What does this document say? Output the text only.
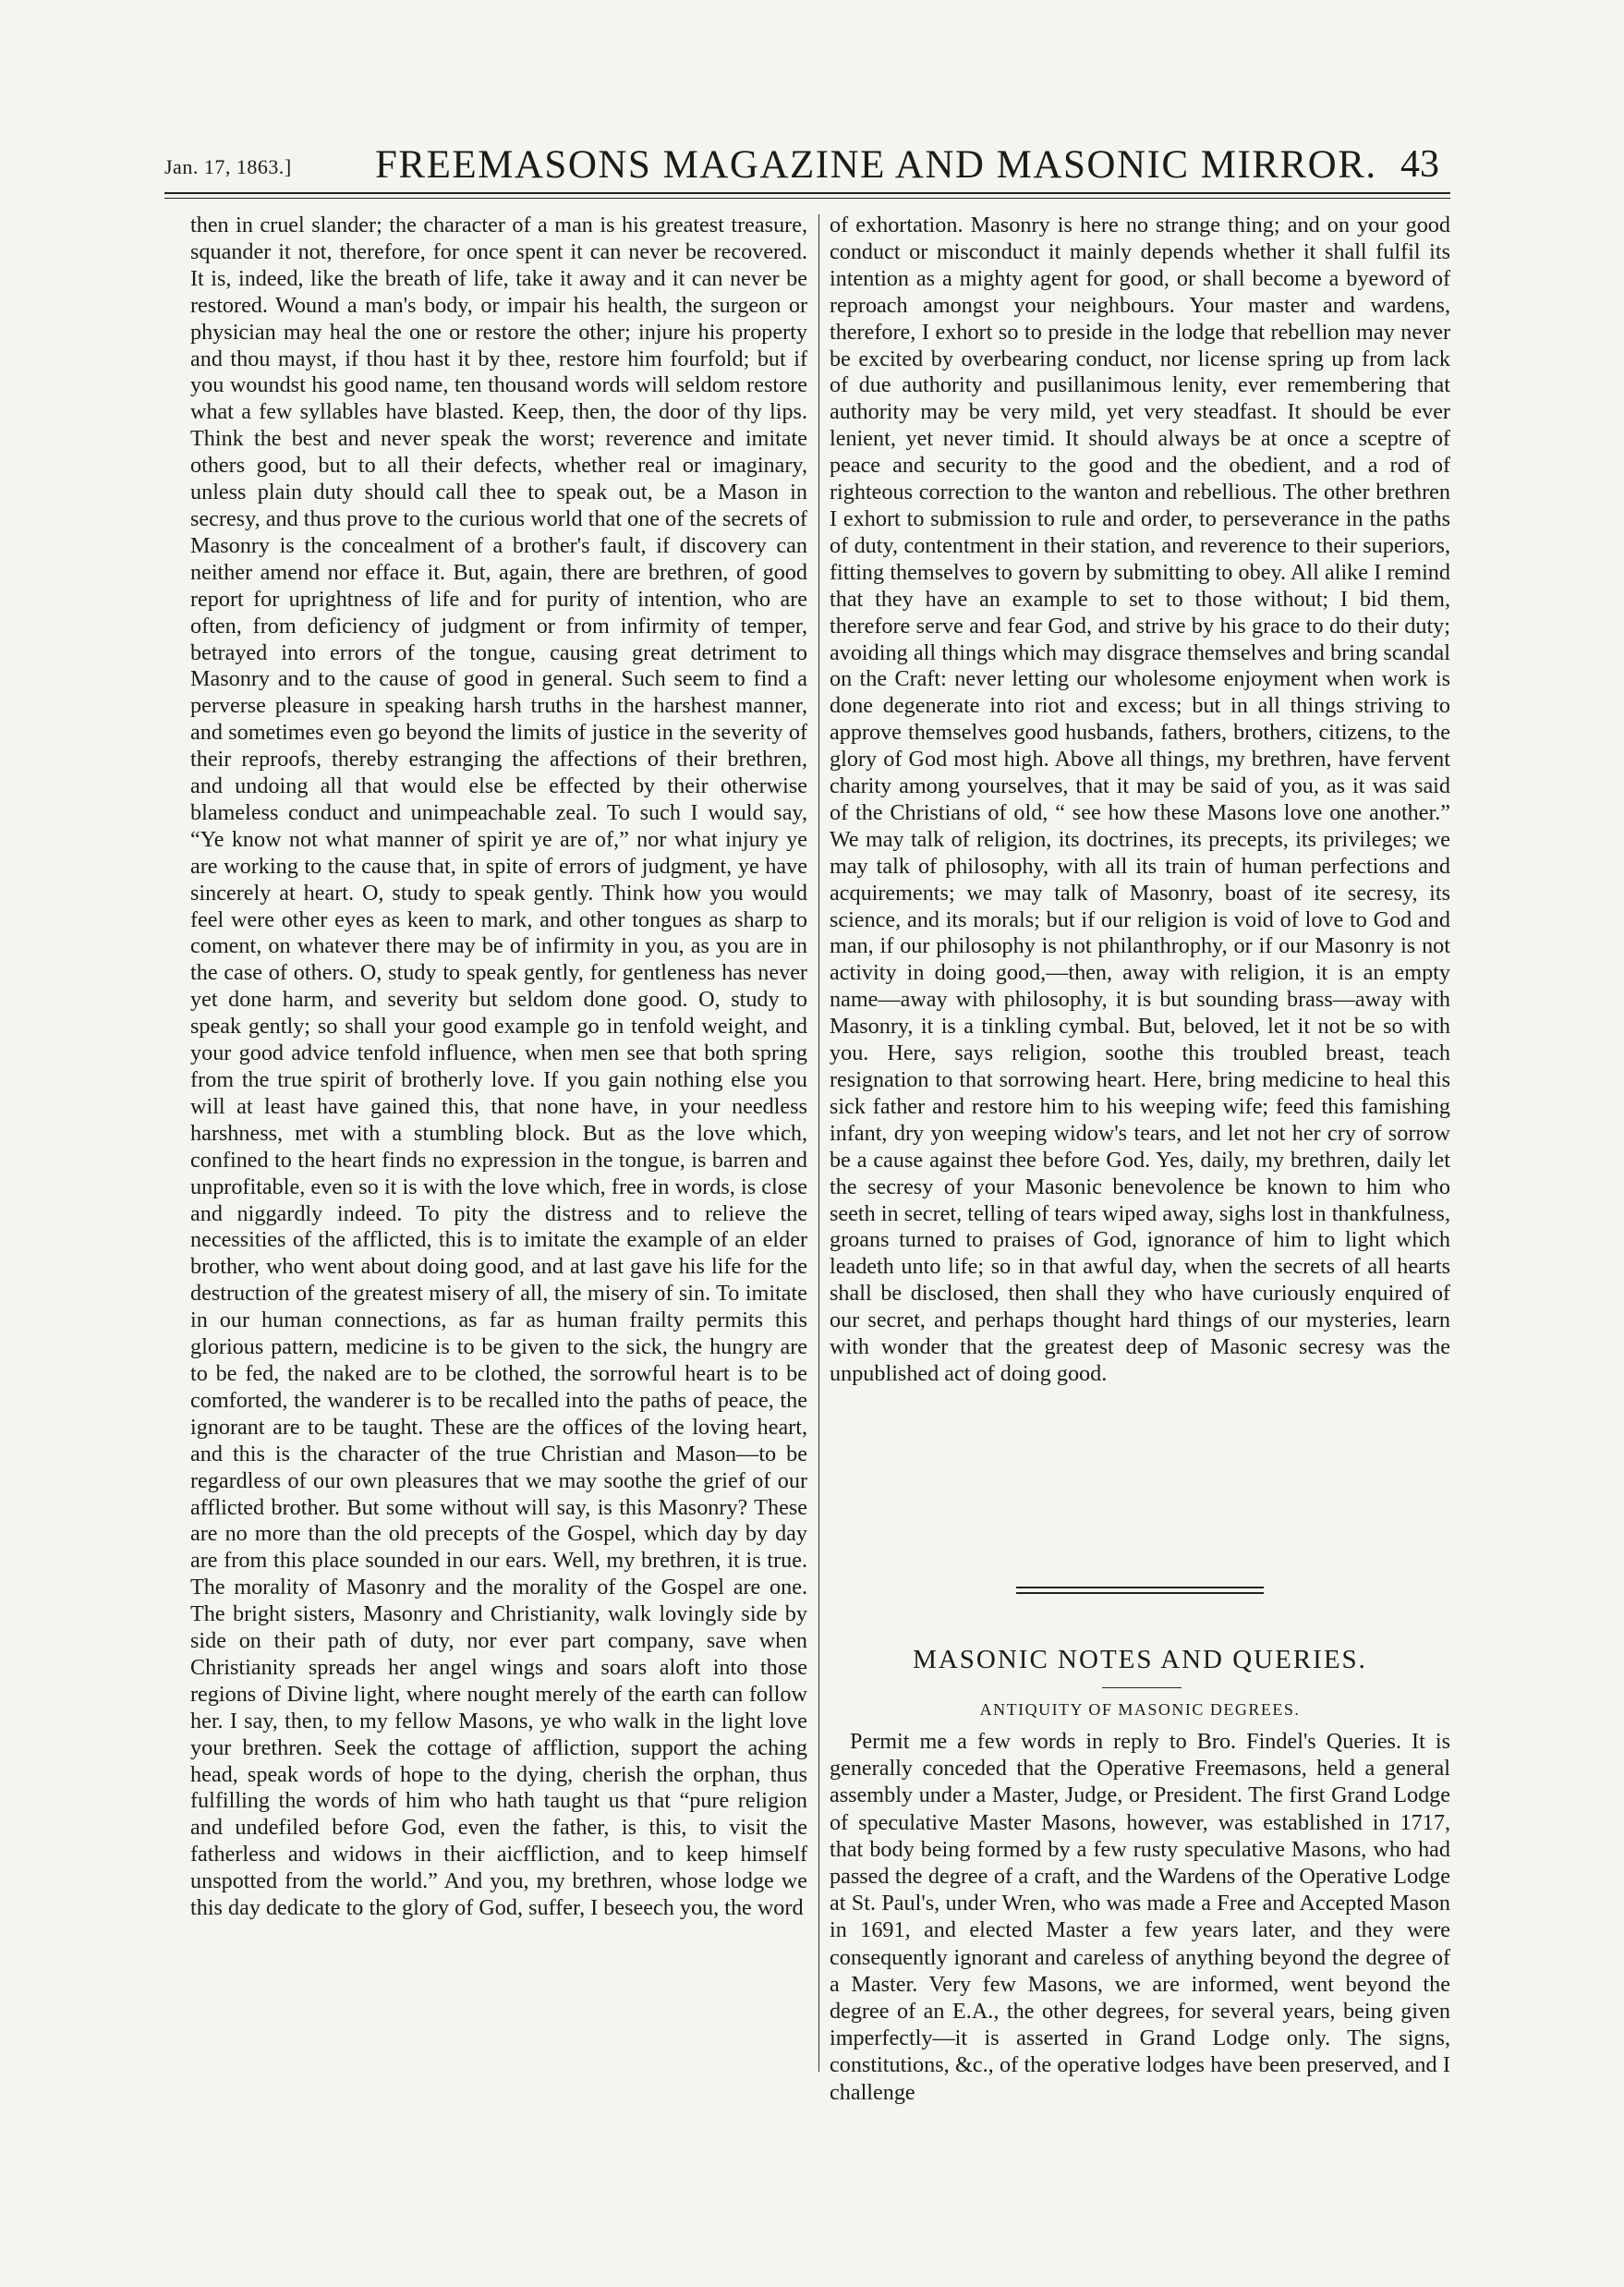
Jan. 17, 1863.] FREEMASONS MAGAZINE AND MASONIC MIRROR. 43

then in cruel slander; the character of a man is his greatest treasure, squander it not, therefore, for once spent it can never be recovered. It is, indeed, like the breath of life, take it away and it can never be restored. Wound a man's body, or impair his health, the surgeon or physician may heal the one or restore the other; injure his property and thou mayst, if thou hast it by thee, restore him fourfold; but if you woundst his good name, ten thousand words will seldom restore what a few syllables have blasted. Keep, then, the door of thy lips. Think the best and never speak the worst; reverence and imitate others good, but to all their defects, whether real or imaginary, unless plain duty should call thee to speak out, be a Mason in secresy, and thus prove to the curious world that one of the secrets of Masonry is the concealment of a brother's fault, if discovery can neither amend nor efface it. But, again, there are brethren, of good report for uprightness of life and for purity of intention, who are often, from deficiency of judgment or from infirmity of temper, betrayed into errors of the tongue, causing great detriment to Masonry and to the cause of good in general. Such seem to find a perverse pleasure in speaking harsh truths in the harshest manner, and sometimes even go beyond the limits of justice in the severity of their reproofs, thereby estranging the affections of their brethren, and undoing all that would else be effected by their otherwise blameless conduct and unimpeachable zeal. To such I would say, “Ye know not what manner of spirit ye are of,” nor what injury ye are working to the cause that, in spite of errors of judgment, ye have sincerely at heart. O, study to speak gently. Think how you would feel were other eyes as keen to mark, and other tongues as sharp to coment, on whatever there may be of infirmity in you, as you are in the case of others. O, study to speak gently, for gentleness has never yet done harm, and severity but seldom done good. O, study to speak gently; so shall your good example go in tenfold weight, and your good advice tenfold influence, when men see that both spring from the true spirit of brotherly love. If you gain nothing else you will at least have gained this, that none have, in your needless harshness, met with a stumbling block. But as the love which, confined to the heart finds no expression in the tongue, is barren and unprofitable, even so it is with the love which, free in words, is close and niggardly indeed. To pity the distress and to relieve the necessities of the afflicted, this is to imitate the example of an elder brother, who went about doing good, and at last gave his life for the destruction of the greatest misery of all, the misery of sin. To imitate in our human connections, as far as human frailty permits this glorious pattern, medicine is to be given to the sick, the hungry are to be fed, the naked are to be clothed, the sorrowful heart is to be comforted, the wanderer is to be recalled into the paths of peace, the ignorant are to be taught. These are the offices of the loving heart, and this is the character of the true Christian and Mason—to be regardless of our own pleasures that we may soothe the grief of our afflicted brother. But some without will say, is this Masonry? These are no more than the old precepts of the Gospel, which day by day are from this place sounded in our ears. Well, my brethren, it is true. The morality of Masonry and the morality of the Gospel are one. The bright sisters, Masonry and Christianity, walk lovingly side by side on their path of duty, nor ever part company, save when Christianity spreads her angel wings and soars aloft into those regions of Divine light, where nought merely of the earth can follow her. I say, then, to my fellow Masons, ye who walk in the light love your brethren. Seek the cottage of affliction, support the aching head, speak words of hope to the dying, cherish the orphan, thus fulfilling the words of him who hath taught us that “pure religion and undefiled before God, even the father, is this, to visit the fatherless and widows in their aicffliction, and to keep himself unspotted from the world.” And you, my brethren, whose lodge we this day dedicate to the glory of God, suffer, I beseech you, the word

of exhortation. Masonry is here no strange thing; and on your good conduct or misconduct it mainly depends whether it shall fulfil its intention as a mighty agent for good, or shall become a byeword of reproach amongst your neighbours. Your master and wardens, therefore, I exhort so to preside in the lodge that rebellion may never be excited by overbearing conduct, nor license spring up from lack of due authority and pusillanimous lenity, ever remembering that authority may be very mild, yet very steadfast. It should be ever lenient, yet never timid. It should always be at once a sceptre of peace and security to the good and the obedient, and a rod of righteous correction to the wanton and rebellious. The other brethren I exhort to submission to rule and order, to perseverance in the paths of duty, contentment in their station, and reverence to their superiors, fitting themselves to govern by submitting to obey. All alike I remind that they have an example to set to those without; I bid them, therefore serve and fear God, and strive by his grace to do their duty; avoiding all things which may disgrace themselves and bring scandal on the Craft: never letting our wholesome enjoyment when work is done degenerate into riot and excess; but in all things striving to approve themselves good husbands, fathers, brothers, citizens, to the glory of God most high. Above all things, my brethren, have fervent charity among yourselves, that it may be said of you, as it was said of the Christians of old, “ see how these Masons love one another.” We may talk of religion, its doctrines, its precepts, its privileges; we may talk of philosophy, with all its train of human perfections and acquirements; we may talk of Masonry, boast of ite secresy, its science, and its morals; but if our religion is void of love to God and man, if our philosophy is not philanthrophy, or if our Masonry is not activity in doing good,—then, away with religion, it is an empty name—away with philosophy, it is but sounding brass—away with Masonry, it is a tinkling cymbal. But, beloved, let it not be so with you. Here, says religion, soothe this troubled breast, teach resignation to that sorrowing heart. Here, bring medicine to heal this sick father and restore him to his weeping wife; feed this famishing infant, dry yon weeping widow's tears, and let not her cry of sorrow be a cause against thee before God. Yes, daily, my brethren, daily let the secresy of your Masonic benevolence be known to him who seeth in secret, telling of tears wiped away, sighs lost in thankfulness, groans turned to praises of God, ignorance of him to light which leadeth unto life; so in that awful day, when the secrets of all hearts shall be disclosed, then shall they who have curiously enquired of our secret, and perhaps thought hard things of our mysteries, learn with wonder that the greatest deep of Masonic secresy was the unpublished act of doing good.

MASONIC NOTES AND QUERIES.
ANTIQUITY OF MASONIC DEGREES.

Permit me a few words in reply to Bro. Findel's Queries. It is generally conceded that the Operative Freemasons, held a general assembly under a Master, Judge, or President. The first Grand Lodge of speculative Master Masons, however, was established in 1717, that body being formed by a few rusty speculative Masons, who had passed the degree of a craft, and the Wardens of the Operative Lodge at St. Paul's, under Wren, who was made a Free and Accepted Mason in 1691, and elected Master a few years later, and they were consequently ignorant and careless of anything beyond the degree of a Master. Very few Masons, we are informed, went beyond the degree of an E.A., the other degrees, for several years, being given imperfectly—it is asserted in Grand Lodge only. The signs, constitutions, &c., of the operative lodges have been preserved, and I challenge
